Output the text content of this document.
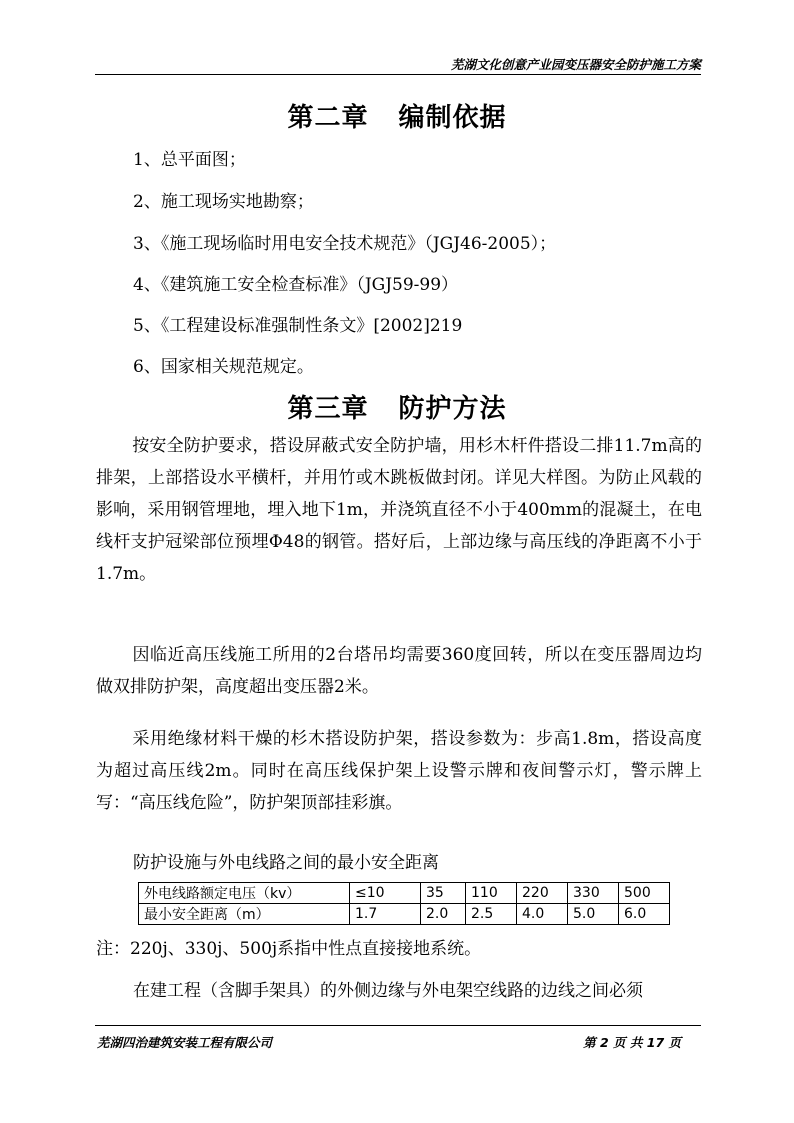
芜湖文化创意产业园变压器安全防护施工方案
第二章 编制依据
1、总平面图；
2、施工现场实地勘察；
3、《施工现场临时用电安全技术规范》（JGJ46-2005）；
4、《建筑施工安全检查标准》（JGJ59-99）
5、《工程建设标准强制性条文》[2002]219
6、国家相关规范规定。
第三章 防护方法

按安全防护要求，搭设屏蔽式安全防护墙，用杉木杆件搭设二排11.7m高的排架，上部搭设水平横杆，并用竹或木跳板做封闭。详见大样图。为防止风载的影响，采用钢管埋地，埋入地下1m，并浇筑直径不小于400mm的混凝土，在电线杆支护冠梁部位预埋Φ48的钢管。搭好后，上部边缘与高压线的净距离不小于1.7m。

因临近高压线施工所用的2台塔吊均需要360度回转，所以在变压器周边均做双排防护架，高度超出变压器2米。

采用绝缘材料干燥的杉木搭设防护架，搭设参数为：步高1.8m，搭设高度为超过高压线2m。同时在高压线保护架上设警示牌和夜间警示灯，警示牌上写：“高压线危险”，防护架顶部挂彩旗。

防护设施与外电线路之间的最小安全距离
外电线路额定电压（kv）	≤10	35	110	220	330	500
最小安全距离（m）	1.7	2.0	2.5	4.0	5.0	6.0
注：220j、330j、500j系指中性点直接接地系统。
在建工程（含脚手架具）的外侧边缘与外电架空线路的边线之间必须
芜湖四治建筑安装工程有限公司	第 2 页 共 17 页
